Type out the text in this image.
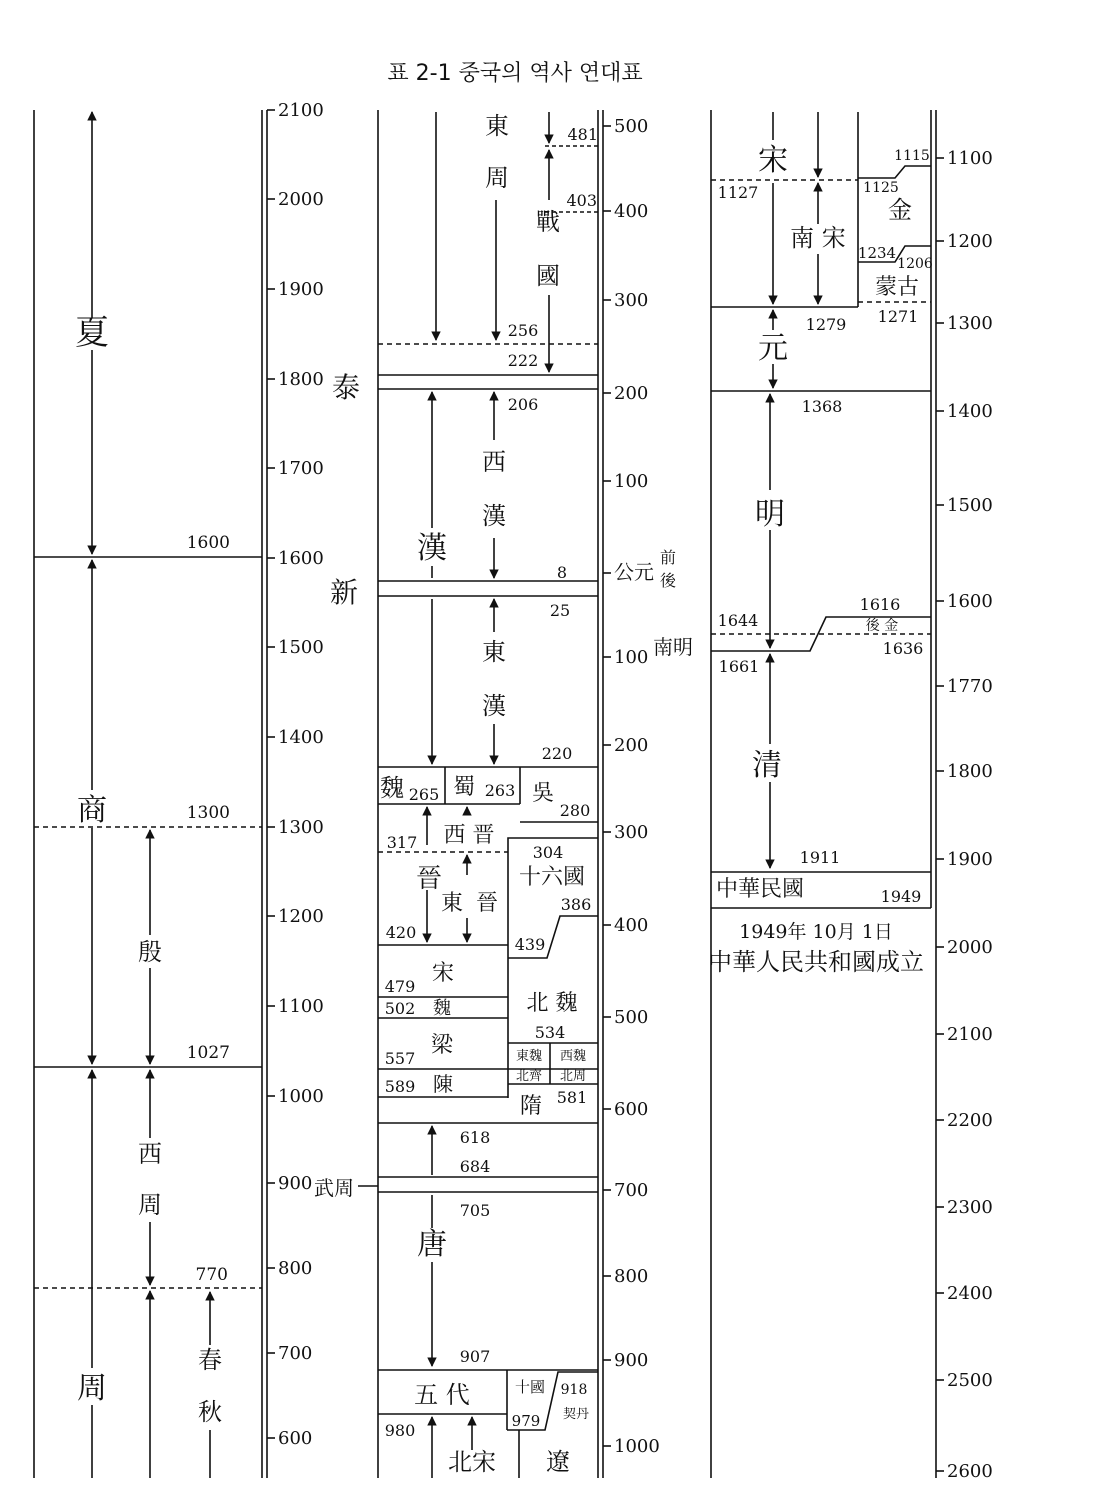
표 2-1 중국의 역사 연대표
夏
商
殷
西
周
周
春
秋
1600
1300
1027
770
2100
2000
1900
1800
1700
1600
1500
1400
1300
1200
1100
1000
900
800
700
600
東
周
戰
國
泰
西
漢
漢
新
東
漢
魏 蜀	吳
西 晋
晉
東 晉
十六國
宋
魏
梁
陳
北 魏
東魏 西魏
北齊 北周
隋
武周
唐
五 代	十國
契丹
北宋 遼
南明
481
403
256
222
206
8
25
220
265	263
280
317
304
386
420
439
479
502
534
557
589
581
618
684
705
907
918
979
980
前
後
500
400
300
200
100
公元
100
200
300
400
500
600
700
800
900
1000
宋
南 宋
金
蒙古
元
明
後 金
清
中華民國
1949年 10月 1日
中華人民共和國成立
1115
1127	1125
1234
1206
1279 1271
1368
1616
1644
1636
1661
1911
1949
1100
1200
1300
1400
1500
1600
1770
1800
1900
2000
2100
2200
2300
2400
2500
2600
